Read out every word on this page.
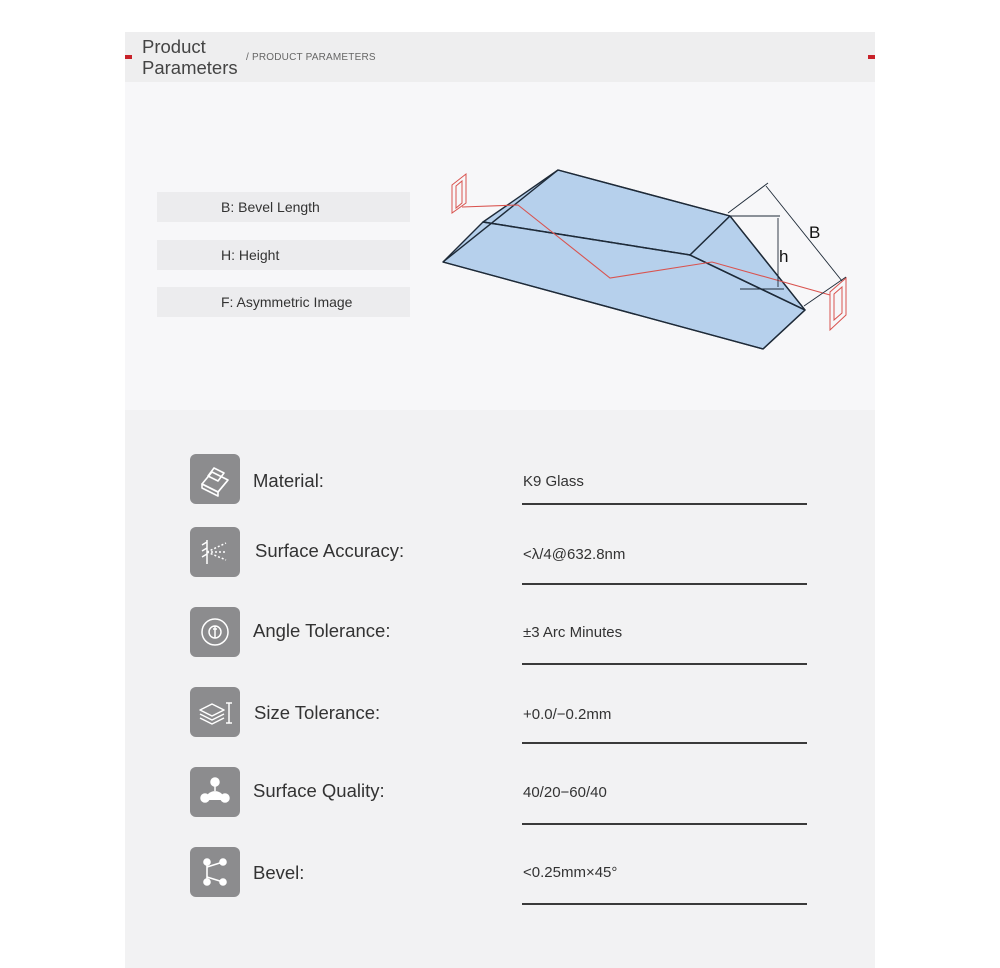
Product
Parameters / PRODUCT PARAMETERS
B: Bevel Length
H: Height
F: Asymmetric Image
B
h
Material:	K9 Glass
Surface Accuracy:	<λ/4@632.8nm
Angle Tolerance:	±3 Arc Minutes
Size Tolerance:	+0.0/−0.2mm
Surface Quality:	40/20−60/40
Bevel:	<0.25mm×45°
